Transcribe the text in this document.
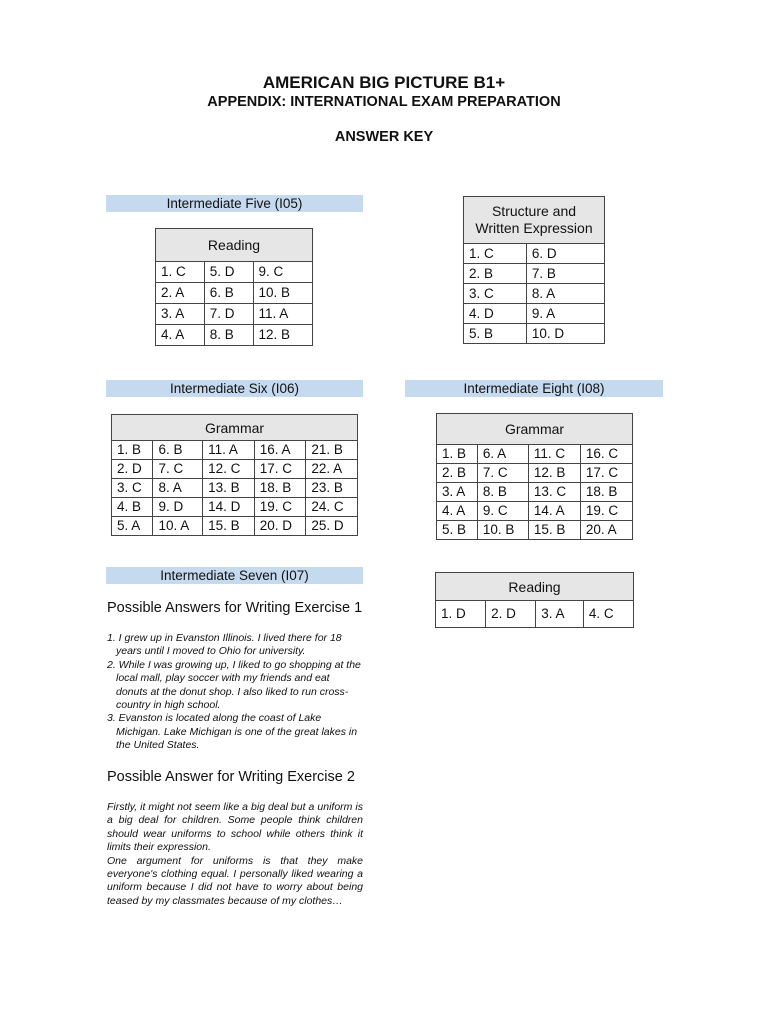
AMERICAN BIG PICTURE B1+
APPENDIX: INTERNATIONAL EXAM PREPARATION
ANSWER KEY
Intermediate Five (I05)
Reading		
1. C	5. D	9. C
2. A	6. B	10. B
3. A	7. D	11. A
4. A	8. B	12. B
Structure and
Written Expression	

1. C	6. D
2. B	7. B
3. C	8. A
4. D	9. A
5. B	10. D
Intermediate Six (I06)
Grammar				
1. B	6. B	11. A	16. A	21. B
2. D	7. C	12. C	17. C	22. A
3. C	8. A	13. B	18. B	23. B
4. B	9. D	14. D	19. C	24. C
5. A	10. A	15. B	20. D	25. D
Intermediate Eight (I08)
Grammar			
1. B	6. A	11. C	16. C
2. B	7. C	12. B	17. C
3. A	8. B	13. C	18. B
4. A	9. C	14. A	19. C
5. B	10. B	15. B	20. A
Reading
1. D	2. D	3. A	4. C
Intermediate Seven (I07)
Possible Answers for Writing Exercise 1

1. I grew up in Evanston Illinois. I lived there for 18 years until I moved to Ohio for university.

2. While I was growing up, I liked to go shopping at the local mall, play soccer with my friends and eat donuts at the donut shop. I also liked to run cross-country in high school.

3. Evanston is located along the coast of Lake Michigan. Lake Michigan is one of the great lakes in the United States.

Possible Answer for Writing Exercise 2

Firstly, it might not seem like a big deal but a uniform is a big deal for children. Some people think children should wear uniforms to school while others think it limits their expression.

One argument for uniforms is that they make everyone's clothing equal. I personally liked wearing a uniform because I did not have to worry about being teased by my classmates because of my clothes…
